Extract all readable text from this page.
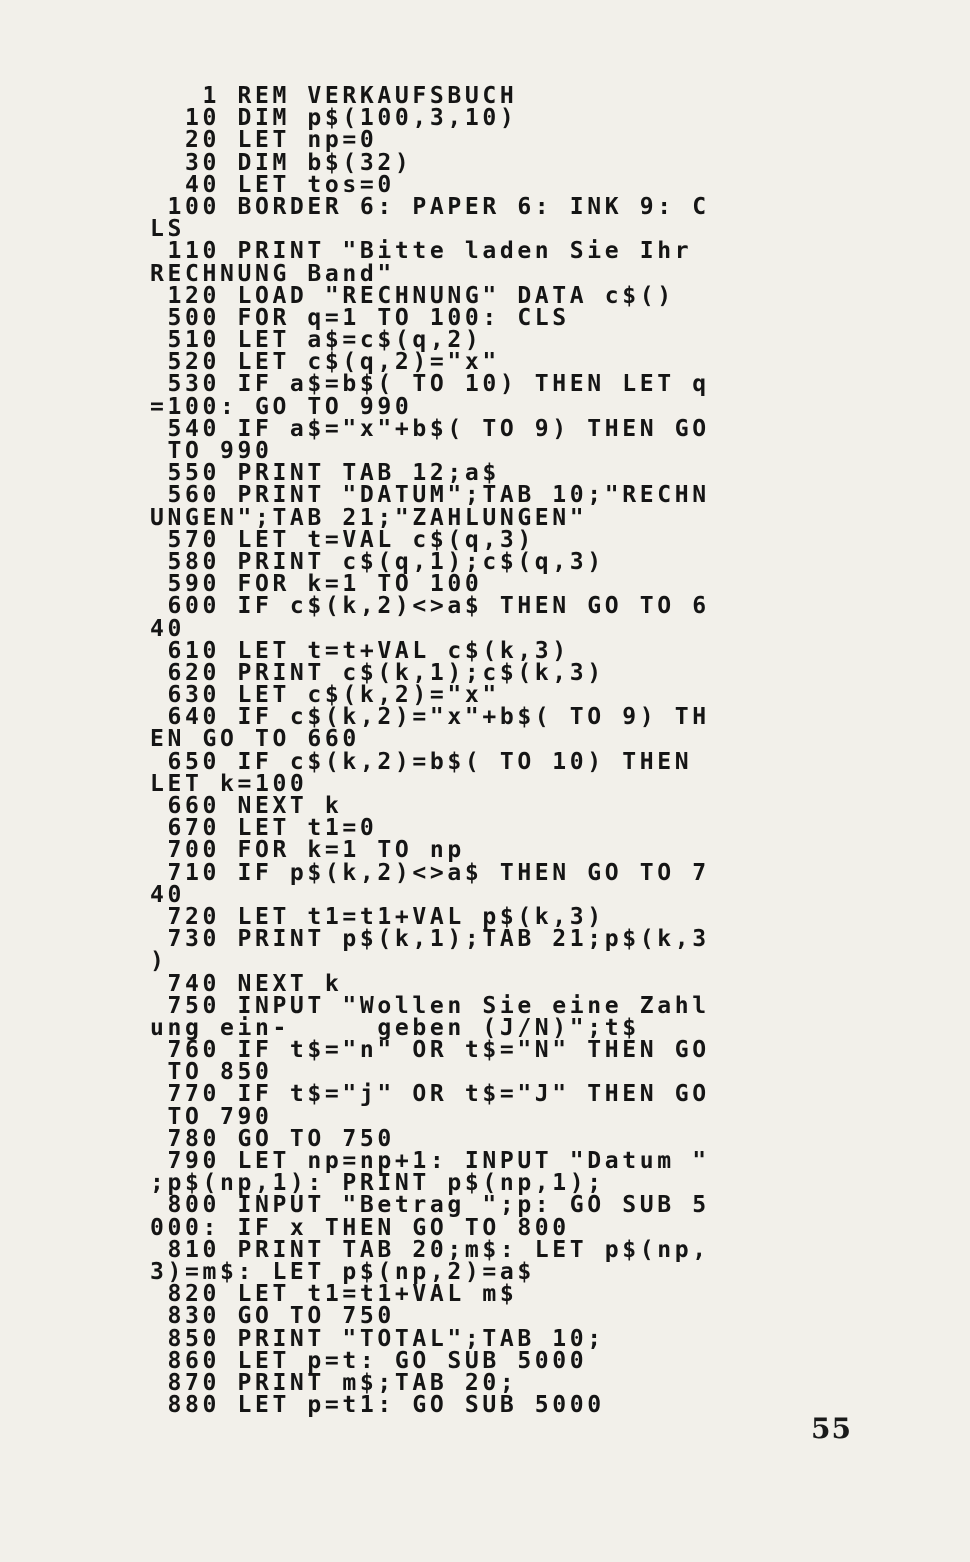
1 REM VERKAUFSBUCH
10 DIM p$(100,3,10)
20 LET np=0
30 DIM b$(32)
40 LET tos=0
100 BORDER 6: PAPER 6: INK 9: C
LS
110 PRINT "Bitte laden Sie Ihr
RECHNUNG Band"
120 LOAD "RECHNUNG" DATA c$()
500 FOR q=1 TO 100: CLS
510 LET a$=c$(q,2)
520 LET c$(q,2)="x"
530 IF a$=b$( TO 10) THEN LET q
=100: GO TO 990
540 IF a$="x"+b$( TO 9) THEN GO
TO 990
550 PRINT TAB 12;a$
560 PRINT "DATUM";TAB 10;"RECHN
UNGEN";TAB 21;"ZAHLUNGEN"
570 LET t=VAL c$(q,3)
580 PRINT c$(q,1);c$(q,3)
590 FOR k=1 TO 100
600 IF c$(k,2)<>a$ THEN GO TO 6
40
610 LET t=t+VAL c$(k,3)
620 PRINT c$(k,1);c$(k,3)
630 LET c$(k,2)="x"
640 IF c$(k,2)="x"+b$( TO 9) TH
EN GO TO 660
650 IF c$(k,2)=b$( TO 10) THEN
LET k=100
660 NEXT k
670 LET t1=0
700 FOR k=1 TO np
710 IF p$(k,2)<>a$ THEN GO TO 7
40
720 LET t1=t1+VAL p$(k,3)
730 PRINT p$(k,1);TAB 21;p$(k,3
)
740 NEXT k
750 INPUT "Wollen Sie eine Zahl
ung ein-     geben (J/N)";t$
760 IF t$="n" OR t$="N" THEN GO
TO 850
770 IF t$="j" OR t$="J" THEN GO
TO 790
780 GO TO 750
790 LET np=np+1: INPUT "Datum "
;p$(np,1): PRINT p$(np,1);
800 INPUT "Betrag ";p: GO SUB 5
000: IF x THEN GO TO 800
810 PRINT TAB 20;m$: LET p$(np,
3)=m$: LET p$(np,2)=a$
820 LET t1=t1+VAL m$
830 GO TO 750
850 PRINT "TOTAL";TAB 10;
860 LET p=t: GO SUB 5000
870 PRINT m$;TAB 20;
880 LET p=t1: GO SUB 5000
55
